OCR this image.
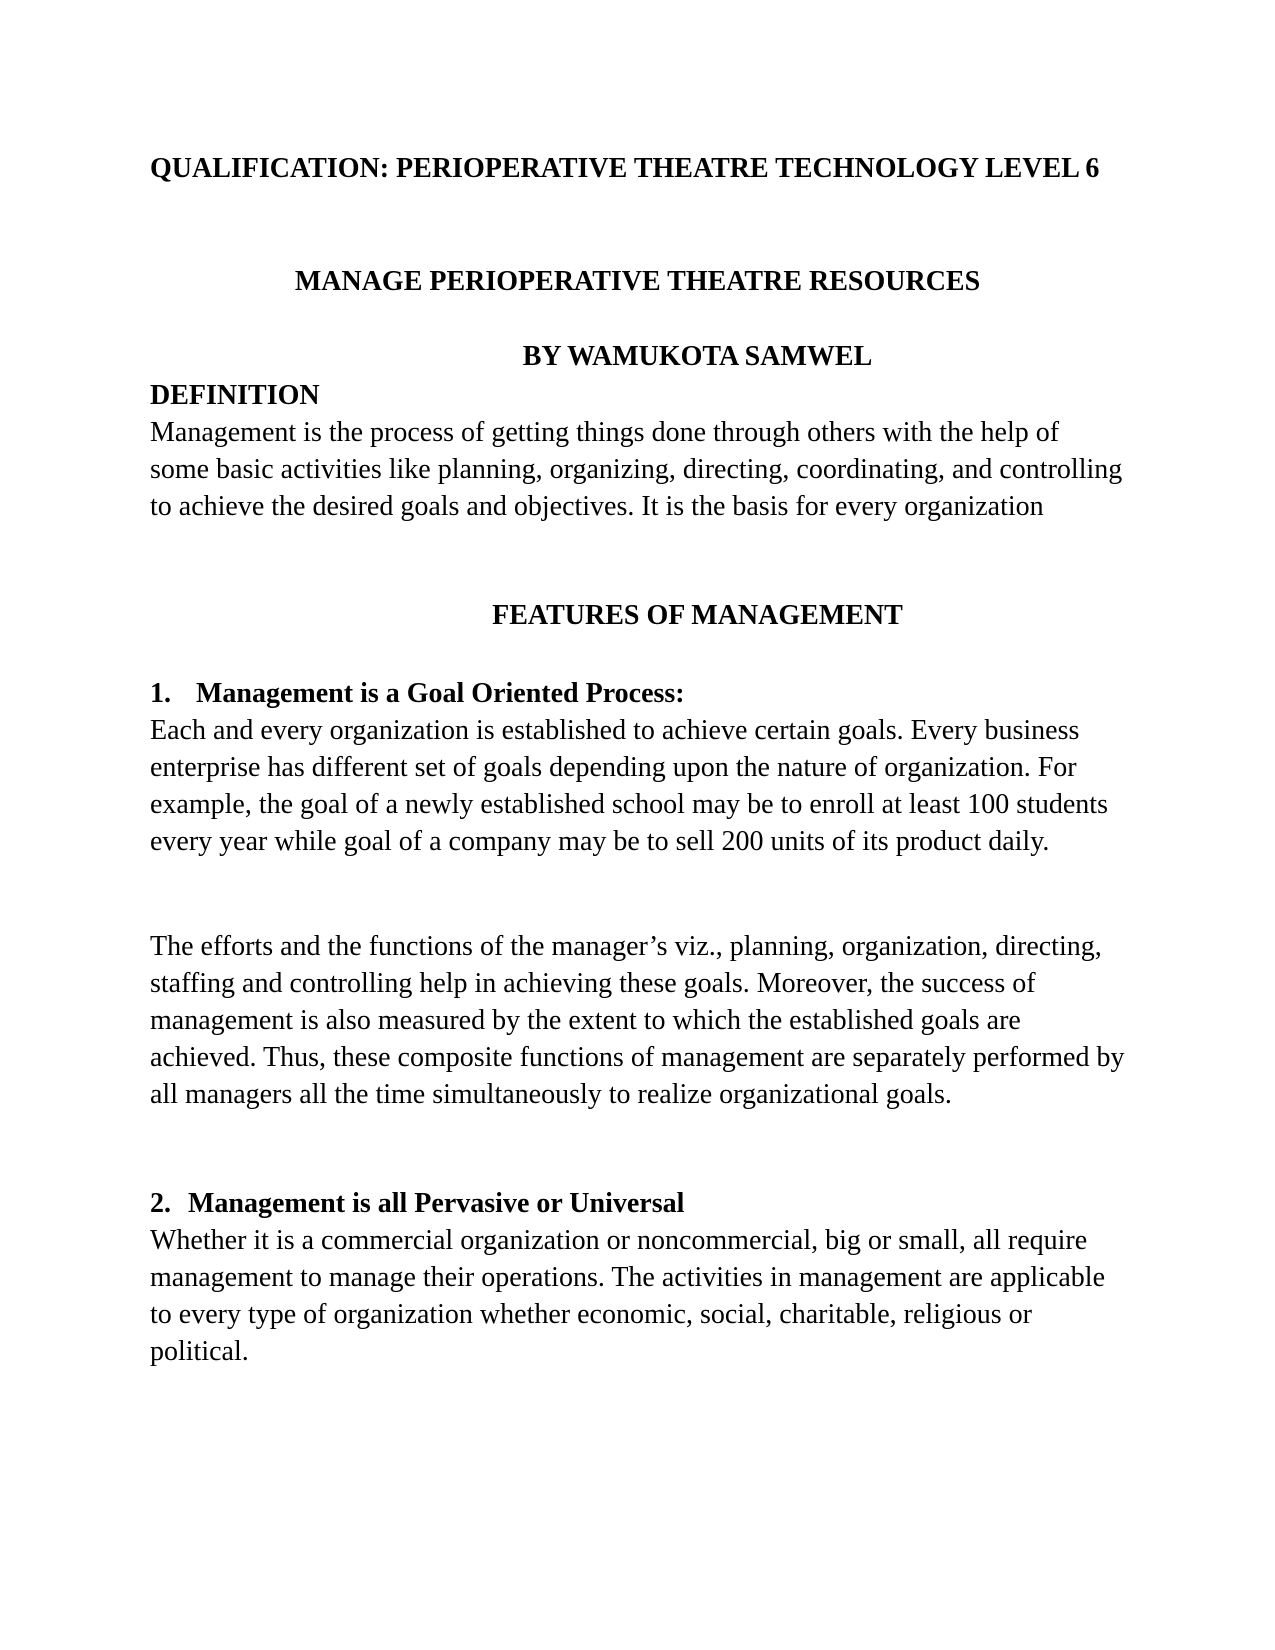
QUALIFICATION: PERIOPERATIVE THEATRE TECHNOLOGY LEVEL 6

MANAGE PERIOPERATIVE THEATRE RESOURCES

BY WAMUKOTA SAMWEL

DEFINITION

Management is the process of getting things done through others with the help of some basic activities like planning, organizing, directing, coordinating, and controlling to achieve the desired goals and objectives. It is the basis for every organization

FEATURES OF MANAGEMENT

1. Management is a Goal Oriented Process:

Each and every organization is established to achieve certain goals. Every business enterprise has different set of goals depending upon the nature of organization. For example, the goal of a newly established school may be to enroll at least 100 students every year while goal of a company may be to sell 200 units of its product daily.

The efforts and the functions of the manager’s viz., planning, organization, directing, staffing and controlling help in achieving these goals. Moreover, the success of management is also measured by the extent to which the established goals are achieved. Thus, these composite functions of management are separately performed by all managers all the time simultaneously to realize organizational goals.

2. Management is all Pervasive or Universal

Whether it is a commercial organization or noncommercial, big or small, all require management to manage their operations. The activities in management are applicable to every type of organization whether economic, social, charitable, religious or political.
